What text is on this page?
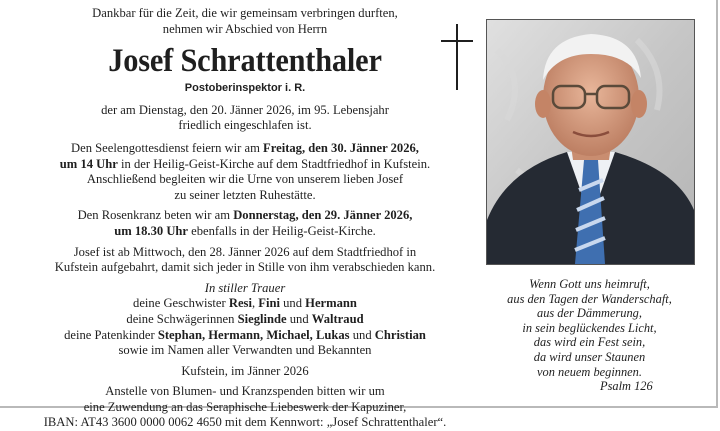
Dankbar für die Zeit, die wir gemeinsam verbringen durften,
nehmen wir Abschied von Herrn
Josef Schrattenthaler
Postoberinspektor i. R.
der am Dienstag, den 20. Jänner 2026, im 95. Lebensjahr
friedlich eingeschlafen ist.
Den Seelengottesdienst feiern wir am Freitag, den 30. Jänner 2026,
um 14 Uhr in der Heilig-Geist-Kirche auf dem Stadtfriedhof in Kufstein.
Anschließend begleiten wir die Urne von unserem lieben Josef
zu seiner letzten Ruhestätte.
Den Rosenkranz beten wir am Donnerstag, den 29. Jänner 2026,
um 18.30 Uhr ebenfalls in der Heilig-Geist-Kirche.
Josef ist ab Mittwoch, den 28. Jänner 2026 auf dem Stadtfriedhof in
Kufstein aufgebahrt, damit sich jeder in Stille von ihm verabschieden kann.
In stiller Trauer
deine Geschwister Resi, Fini und Hermann
deine Schwägerinnen Sieglinde und Waltraud
deine Patenkinder Stephan, Hermann, Michael, Lukas und Christian
sowie im Namen aller Verwandten und Bekannten
Kufstein, im Jänner 2026
Anstelle von Blumen- und Kranzspenden bitten wir um
eine Zuwendung an das Seraphische Liebeswerk der Kapuziner,
IBAN: AT43 3600 0000 0062 4650 mit dem Kennwort: „Josef Schrattenthaler“.
Wenn Gott uns heimruft,
aus den Tagen der Wanderschaft,
aus der Dämmerung,
in sein beglückendes Licht,
das wird ein Fest sein,
da wird unser Staunen
von neuem beginnen.
Psalm 126
